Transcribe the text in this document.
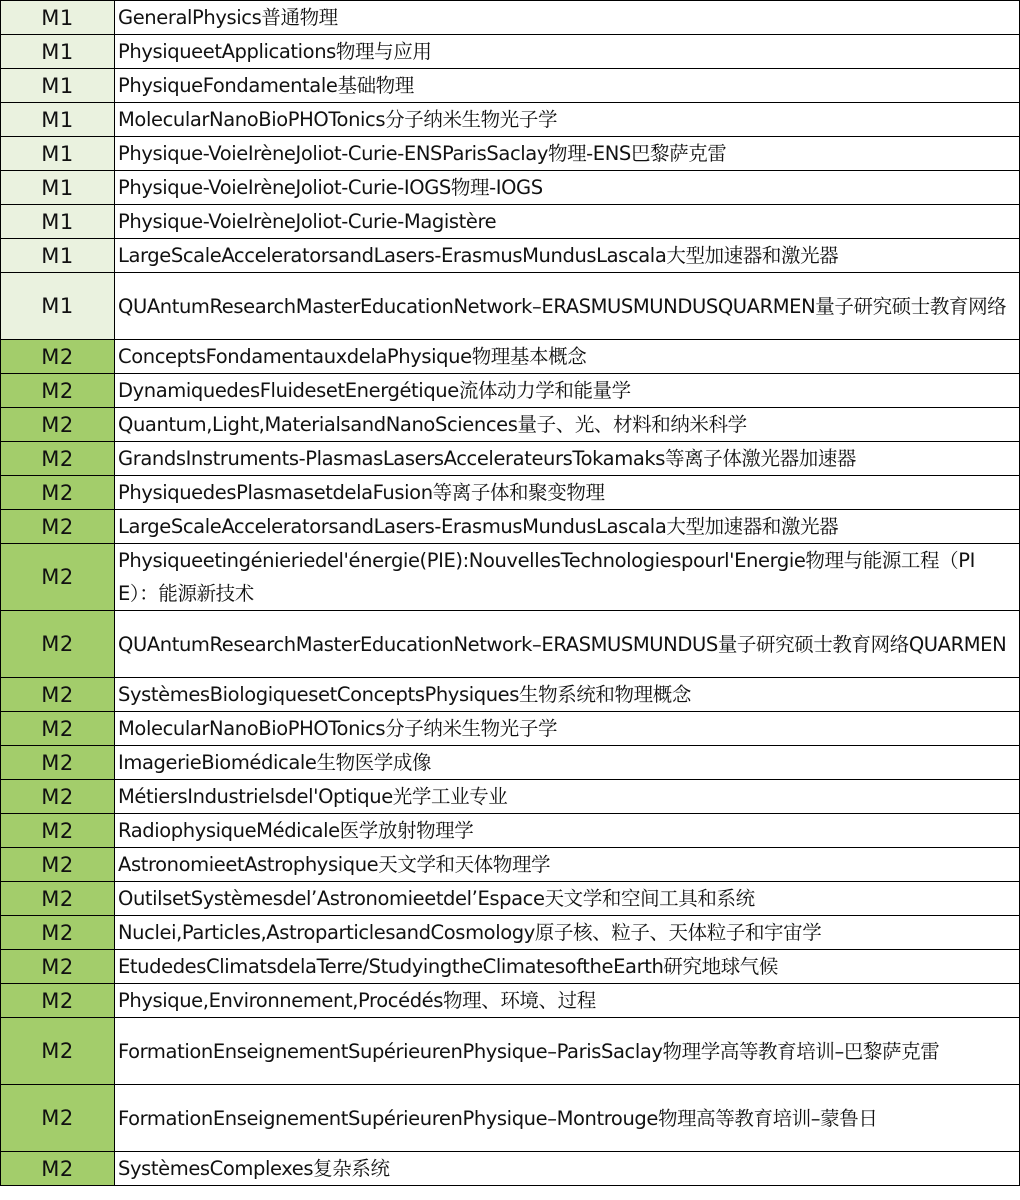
M1	GeneralPhysics普通物理
M1	PhysiqueetApplications物理与应用
M1	PhysiqueFondamentale基础物理
M1	MolecularNanoBioPHOTonics分子纳米生物光子学
M1	Physique-VoieIrèneJoliot-Curie-ENSParisSaclay物理-ENS巴黎萨克雷
M1	Physique-VoieIrèneJoliot-Curie-IOGS物理-IOGS
M1	Physique-VoieIrèneJoliot-Curie-Magistère
M1	LargeScaleAcceleratorsandLasers-ErasmusMundusLascala大型加速器和激光器
M1	QUAntumResearchMasterEducationNetwork–ERASMUSMUNDUSQUARMEN量子研究硕士教育网络
M2	ConceptsFondamentauxdelaPhysique物理基本概念
M2	DynamiquedesFluidesetEnergétique流体动力学和能量学
M2	Quantum,Light,MaterialsandNanoSciences量子、光、材料和纳米科学
M2	GrandsInstruments-PlasmasLasersAccelerateursTokamaks等离子体激光器加速器
M2	PhysiquedesPlasmasetdelaFusion等离子体和聚变物理
M2	LargeScaleAcceleratorsandLasers-ErasmusMundusLascala大型加速器和激光器
M2	Physiqueetingénieriedel'énergie(PIE):NouvellesTechnologiespourl'Energie物理与能源工程（PIE）：能源新技术
M2	QUAntumResearchMasterEducationNetwork–ERASMUSMUNDUS量子研究硕士教育网络QUARMEN
M2	SystèmesBiologiquesetConceptsPhysiques生物系统和物理概念
M2	MolecularNanoBioPHOTonics分子纳米生物光子学
M2	ImagerieBiomédicale生物医学成像
M2	MétiersIndustrielsdel'Optique光学工业专业
M2	RadiophysiqueMédicale医学放射物理学
M2	AstronomieetAstrophysique天文学和天体物理学
M2	OutilsetSystèmesdel’Astronomieetdel’Espace天文学和空间工具和系统
M2	Nuclei,Particles,AstroparticlesandCosmology原子核、粒子、天体粒子和宇宙学
M2	EtudedesClimatsdelaTerre/StudyingtheClimatesoftheEarth研究地球气候
M2	Physique,Environnement,Procédés物理、环境、过程
M2	FormationEnseignementSupérieurenPhysique–ParisSaclay物理学高等教育培训–巴黎萨克雷
M2	FormationEnseignementSupérieurenPhysique–Montrouge物理高等教育培训–蒙鲁日
M2	SystèmesComplexes复杂系统
